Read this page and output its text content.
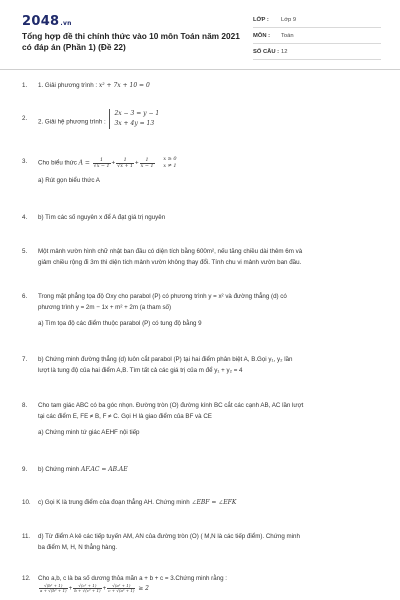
2048.vn
Tổng hợp đề thi chính thức vào 10 môn Toán năm 2021 có đáp án (Phần 1) (Đề 22)
LỚP :	Lớp 9
MÔN :	Toán
SỐ CÂU : 12
1.	1. Giải phương trình : x² + 7x + 10 = 0
2.
2. Giải hệ phương trình :
2x − 3 = y − 1
3x + 4y = 13
3.	Cho biểu thức $A = \frac{1}{√x - 1} + \frac{1}{√x + 1} + \frac{1}{x - 1}$
x ≥ 0
x ≠ 1
a) Rút gọn biểu thức A
4.	b) Tìm các số nguyên x để A đạt giá trị nguyên
5.	Một mảnh vườn hình chữ nhật ban đầu có diện tích bằng 600m², nếu tăng chiều dài thêm 6m và
giảm chiều rộng đi 3m thì diện tích mảnh vườn không thay đổi. Tính chu vi mảnh vườn ban đầu.
6.	Trong mặt phẳng tọa độ Oxy cho parabol (P) có phương trình y = x² và đường thẳng (d) có
phương trình y = 2m − 1x + m² + 2m (a tham số)
a) Tìm tọa độ các điểm thuộc parabol (P) có tung độ bằng 9
7.	b) Chứng minh đường thẳng (d) luôn cắt parabol (P) tại hai điểm phân biệt A, B.Gọi y₁, y₂ lần
lượt là tung độ của hai điểm A,B. Tìm tất cả các giá trị của m để y₁ + y₂ = 4
8.	Cho tam giác ABC có ba góc nhọn. Đường tròn (O) đường kính BC cắt các cạnh AB, AC lần lượt
tại các điểm E, FE ≠ B, F ≠ C. Gọi H là giao điểm của BF và CE
a) Chứng minh tứ giác AEHF nội tiếp
9.	b) Chứng minh AF.AC = AB.AE
10.	c) Gọi K là trung điểm của đoạn thẳng AH. Chứng minh ∠EBF = ∠EFK
11.	d) Từ điểm A kẻ các tiếp tuyến AM, AN của đường tròn (O) ( M,N là các tiếp điểm). Chứng minh
ba điểm M, H, N thẳng hàng.
12.	Cho a,b, c là ba số dương thỏa mãn a + b + c = 3.Chứng minh rằng :
$\frac{\text{√(b² + 1)}}{\text{a + √(b² + 1)}} + \frac{\text{√(c² + 1)}}{\text{b + √(c² + 1)}} + \frac{\text{√(a² + 1)}}{\text{c + √(a² + 1)}} \ge 2$
